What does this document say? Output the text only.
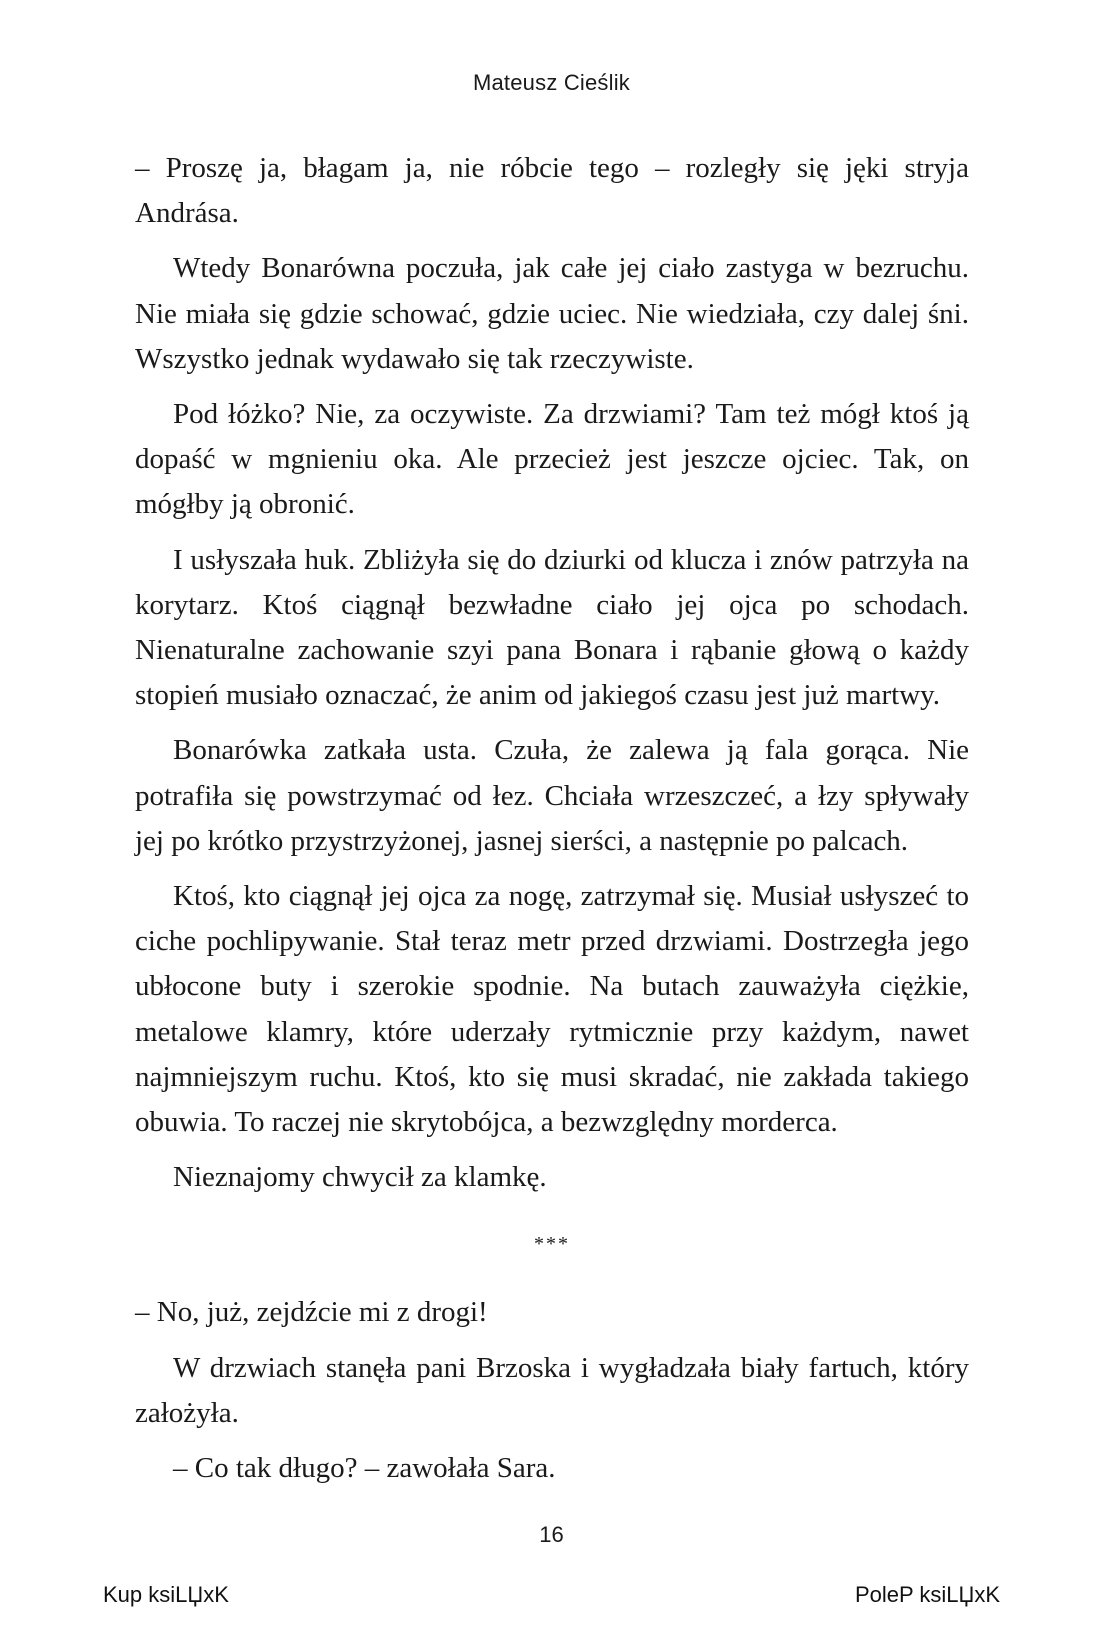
Mateusz Cieślik

– Proszę ja, błagam ja, nie róbcie tego – rozległy się jęki stryja Andrása.

Wtedy Bonarówna poczuła, jak całe jej ciało zastyga w bezruchu. Nie miała się gdzie schować, gdzie uciec. Nie wiedziała, czy dalej śni. Wszystko jednak wydawało się tak rzeczywiste.

Pod łóżko? Nie, za oczywiste. Za drzwiami? Tam też mógł ktoś ją dopaść w mgnieniu oka. Ale przecież jest jeszcze ojciec. Tak, on mógłby ją obronić.

I usłyszała huk. Zbliżyła się do dziurki od klucza i znów patrzyła na korytarz. Ktoś ciągnął bezwładne ciało jej ojca po schodach. Nienaturalne zachowanie szyi pana Bonara i rąbanie głową o każdy stopień musiało oznaczać, że anim od jakiegoś czasu jest już martwy.

Bonarówka zatkała usta. Czuła, że zalewa ją fala gorąca. Nie potrafiła się powstrzymać od łez. Chciała wrzeszczeć, a łzy spływały jej po krótko przystrzyżonej, jasnej sierści, a następnie po palcach.

Ktoś, kto ciągnął jej ojca za nogę, zatrzymał się. Musiał usłyszeć to ciche pochlipywanie. Stał teraz metr przed drzwiami. Dostrzegła jego ubłocone buty i szerokie spodnie. Na butach zauważyła ciężkie, metalowe klamry, które uderzały rytmicznie przy każdym, nawet najmniejszym ruchu. Ktoś, kto się musi skradać, nie zakłada takiego obuwia. To raczej nie skrytobójca, a bezwzględny morderca.

Nieznajomy chwycił za klamkę.

***

– No, już, zejdźcie mi z drogi!

W drzwiach stanęła pani Brzoska i wygładzała biały fartuch, który założyła.

– Co tak długo? – zawołała Sara.

16
Kup ksiLЏxK	PoleP ksiLЏxK
